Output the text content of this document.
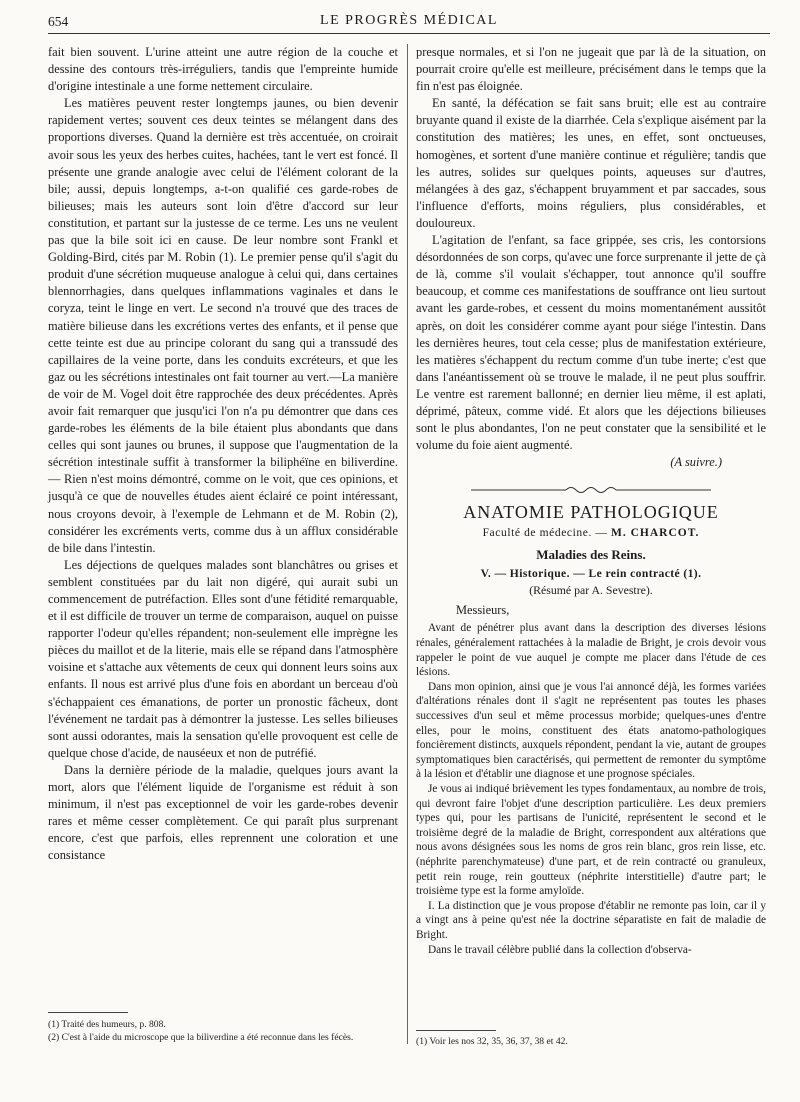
654	LE PROGRÈS MÉDICAL

fait bien souvent. L'urine atteint une autre région de la couche et dessine des contours très-irréguliers, tandis que l'empreinte humide d'origine intestinale a une forme nettement circulaire.

Les matières peuvent rester longtemps jaunes, ou bien devenir rapidement vertes; souvent ces deux teintes se mélangent dans des proportions diverses. Quand la dernière est très accentuée, on croirait avoir sous les yeux des herbes cuites, hachées, tant le vert est foncé. Il présente une grande analogie avec celui de l'élément colorant de la bile; aussi, depuis longtemps, a-t-on qualifié ces garde-robes de bilieuses; mais les auteurs sont loin d'être d'accord sur leur constitution, et partant sur la justesse de ce terme. Les uns ne veulent pas que la bile soit ici en cause. De leur nombre sont Frankl et Golding-Bird, cités par M. Robin (1). Le premier pense qu'il s'agit du produit d'une sécrétion muqueuse analogue à celui qui, dans certaines blennorrhagies, dans quelques inflammations vaginales et dans le coryza, teint le linge en vert. Le second n'a trouvé que des traces de matière bilieuse dans les excrétions vertes des enfants, et il pense que cette teinte est due au principe colorant du sang qui a transsudé des capillaires de la veine porte, dans les conduits excréteurs, et que les gaz ou les sécrétions intestinales ont fait tourner au vert.—La manière de voir de M. Vogel doit être rapprochée des deux précédentes. Après avoir fait remarquer que jusqu'ici l'on n'a pu démontrer que dans ces garde-robes les éléments de la bile étaient plus abondants que dans celles qui sont jaunes ou brunes, il suppose que l'augmentation de la sécrétion intestinale suffit à transformer la biliphéïne en biliverdine. — Rien n'est moins démontré, comme on le voit, que ces opinions, et jusqu'à ce que de nouvelles études aient éclairé ce point intéressant, nous croyons devoir, à l'exemple de Lehmann et de M. Robin (2), considérer les excréments verts, comme dus à un afflux considérable de bile dans l'intestin.

Les déjections de quelques malades sont blanchâtres ou grises et semblent constituées par du lait non digéré, qui aurait subi un commencement de putréfaction. Elles sont d'une fétidité remarquable, et il est difficile de trouver un terme de comparaison, auquel on puisse rapporter l'odeur qu'elles répandent; non-seulement elle imprègne les pièces du maillot et de la literie, mais elle se répand dans l'atmosphère voisine et s'attache aux vêtements de ceux qui donnent leurs soins aux enfants. Il nous est arrivé plus d'une fois en abordant un berceau d'où s'échappaient ces émanations, de porter un pronostic fâcheux, dont l'événement ne tardait pas à démontrer la justesse. Les selles bilieuses sont aussi odorantes, mais la sensation qu'elle provoquent est celle de quelque chose d'acide, de nauséeux et non de putréfié.

Dans la dernière période de la maladie, quelques jours avant la mort, alors que l'élément liquide de l'organisme est réduit à son minimum, il n'est pas exceptionnel de voir les garde-robes devenir rares et même cesser complètement. Ce qui paraît plus surprenant encore, c'est que parfois, elles reprennent une coloration et une consistance

(1) Traité des humeurs, p. 808.

(2) C'est à l'aide du microscope que la biliverdine a été reconnue dans les fécès.

presque normales, et si l'on ne jugeait que par là de la situation, on pourrait croire qu'elle est meilleure, précisément dans le temps que la fin n'est pas éloignée.

En santé, la défécation se fait sans bruit; elle est au contraire bruyante quand il existe de la diarrhée. Cela s'explique aisément par la constitution des matières; les unes, en effet, sont onctueuses, homogènes, et sortent d'une manière continue et régulière; tandis que les autres, solides sur quelques points, aqueuses sur d'autres, mélangées à des gaz, s'échappent bruyamment et par saccades, sous l'influence d'efforts, moins réguliers, plus considérables, et douloureux.

L'agitation de l'enfant, sa face grippée, ses cris, les contorsions désordonnées de son corps, qu'avec une force surprenante il jette de çà de là, comme s'il voulait s'échapper, tout annonce qu'il souffre beaucoup, et comme ces manifestations de souffrance ont lieu surtout avant les garde-robes, et cessent du moins momentanément aussitôt après, on doit les considérer comme ayant pour siége l'intestin. Dans les dernières heures, tout cela cesse; plus de manifestation extérieure, les matières s'échappent du rectum comme d'un tube inerte; c'est que dans l'anéantissement où se trouve le malade, il ne peut plus souffrir. Le ventre est rarement ballonné; en dernier lieu même, il est aplati, déprimé, pâteux, comme vidé. Et alors que les déjections bilieuses sont le plus abondantes, l'on ne peut constater que la sensibilité et le volume du foie aient augmenté.

(A suivre.)
ANATOMIE PATHOLOGIQUE
Faculté de médecine. — M. CHARCOT.
Maladies des Reins.
V. — Historique. — Le rein contracté (1).
(Résumé par A. Sevestre).
Messieurs,

Avant de pénétrer plus avant dans la description des diverses lésions rénales, généralement rattachées à la maladie de Bright, je crois devoir vous rappeler le point de vue auquel je compte me placer dans l'étude de ces lésions.

Dans mon opinion, ainsi que je vous l'ai annoncé déjà, les formes variées d'altérations rénales dont il s'agit ne représentent pas toutes les phases successives d'un seul et même processus morbide; quelques-unes d'entre elles, pour le moins, constituent des états anatomo-pathologiques foncièrement distincts, auxquels répondent, pendant la vie, autant de groupes symptomatiques bien caractérisés, qui permettent de remonter du symptôme à la lésion et d'établir une diagnose et une prognose spéciales.

Je vous ai indiqué brièvement les types fondamentaux, au nombre de trois, qui devront faire l'objet d'une description particulière. Les deux premiers types qui, pour les partisans de l'unicité, représentent le second et le troisième degré de la maladie de Bright, correspondent aux altérations que nous avons désignées sous les noms de gros rein blanc, gros rein lisse, etc. (néphrite parenchymateuse) d'une part, et de rein contracté ou granuleux, petit rein rouge, rein goutteux (néphrite interstitielle) d'autre part; le troisième type est la forme amyloïde.

I. La distinction que je vous propose d'établir ne remonte pas loin, car il y a vingt ans à peine qu'est née la doctrine séparatiste en fait de maladie de Bright.

Dans le travail célèbre publié dans la collection d'observa-

(1) Voir les nos 32, 35, 36, 37, 38 et 42.
